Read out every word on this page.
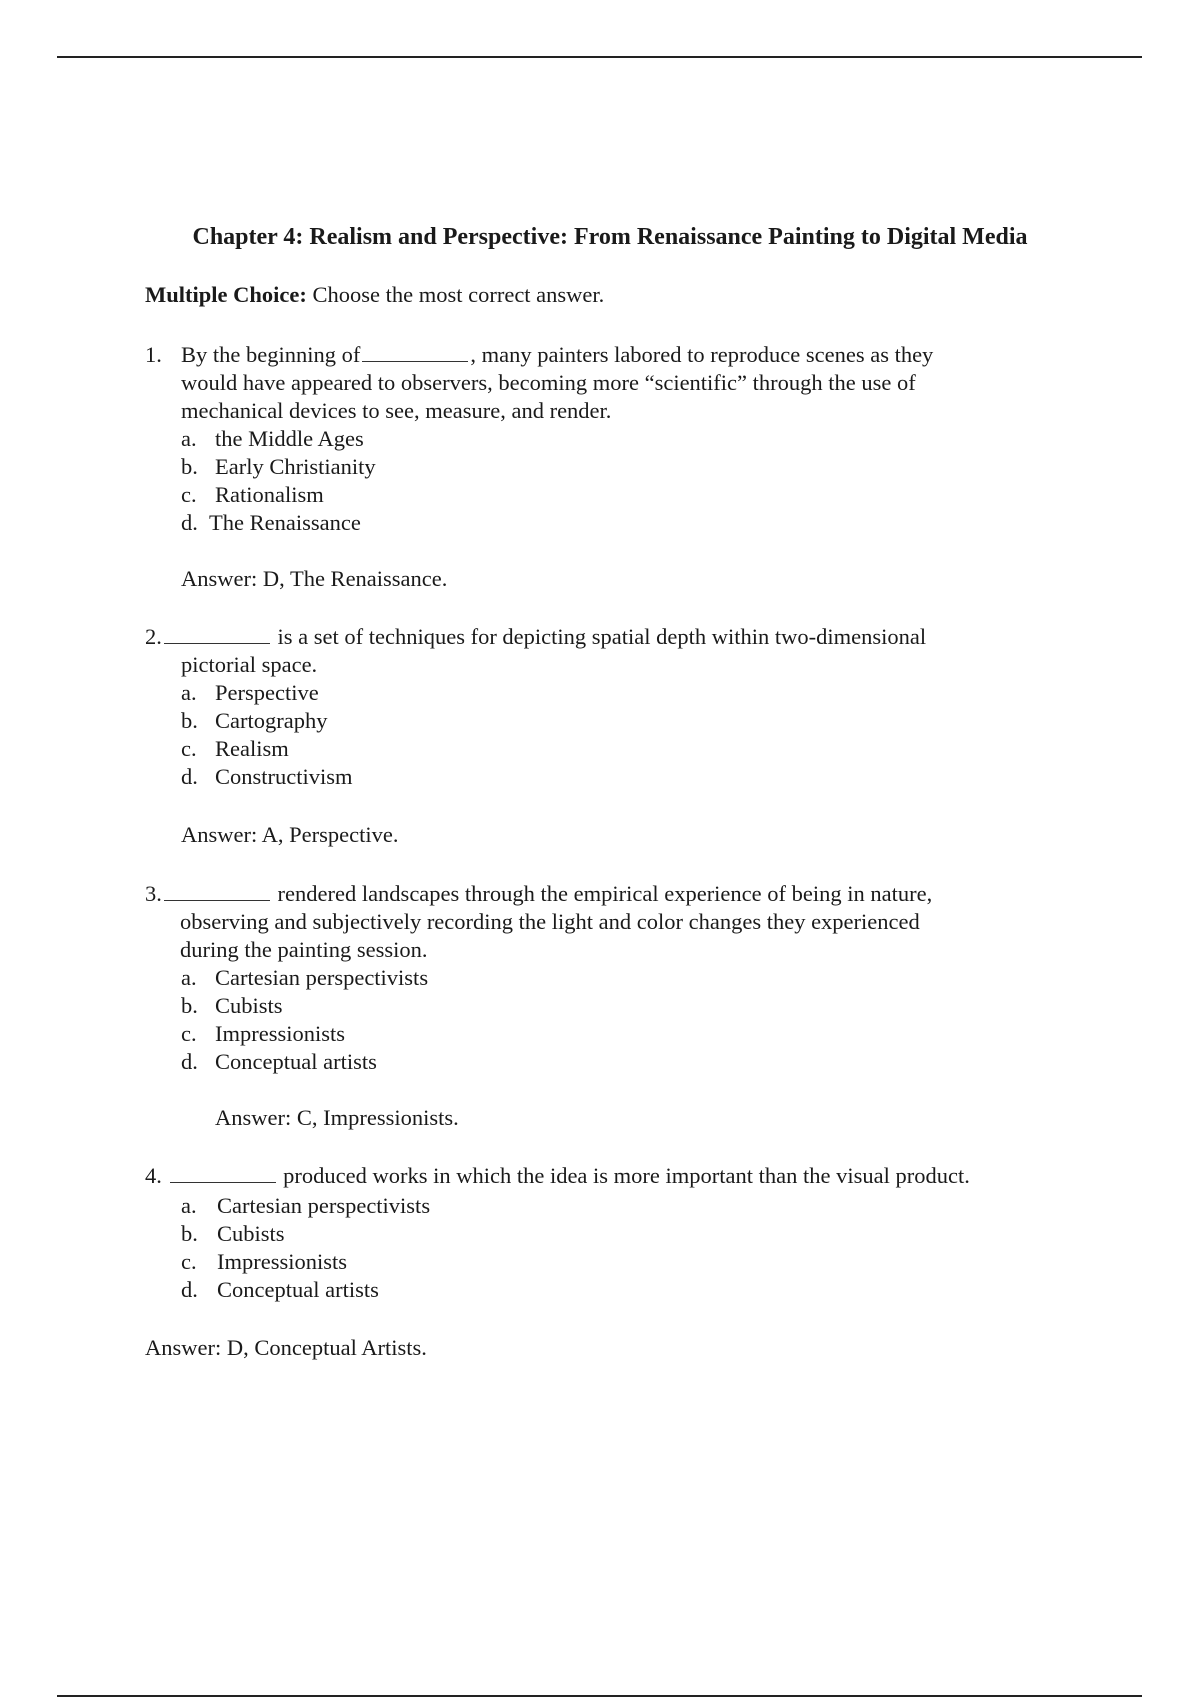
Chapter 4: Realism and Perspective: From Renaissance Painting to Digital Media
Multiple Choice: Choose the most correct answer.
1. By the beginning of	, many painters labored to reproduce scenes as they
would have appeared to observers, becoming more “scientific” through the use of
mechanical devices to see, measure, and render.
a. the Middle Ages
b. Early Christianity
c. Rationalism
d. The Renaissance
Answer: D, The Renaissance.
2.	is a set of techniques for depicting spatial depth within two-dimensional
pictorial space.
a. Perspective
b. Cartography
c. Realism
d. Constructivism
Answer: A, Perspective.
3.	rendered landscapes through the empirical experience of being in nature,
observing and subjectively recording the light and color changes they experienced
during the painting session.
a. Cartesian perspectivists
b. Cubists
c. Impressionists
d. Conceptual artists
Answer: C, Impressionists.
4.	produced works in which the idea is more important than the visual product.
a. Cartesian perspectivists
b. Cubists
c. Impressionists
d. Conceptual artists
Answer: D, Conceptual Artists.
